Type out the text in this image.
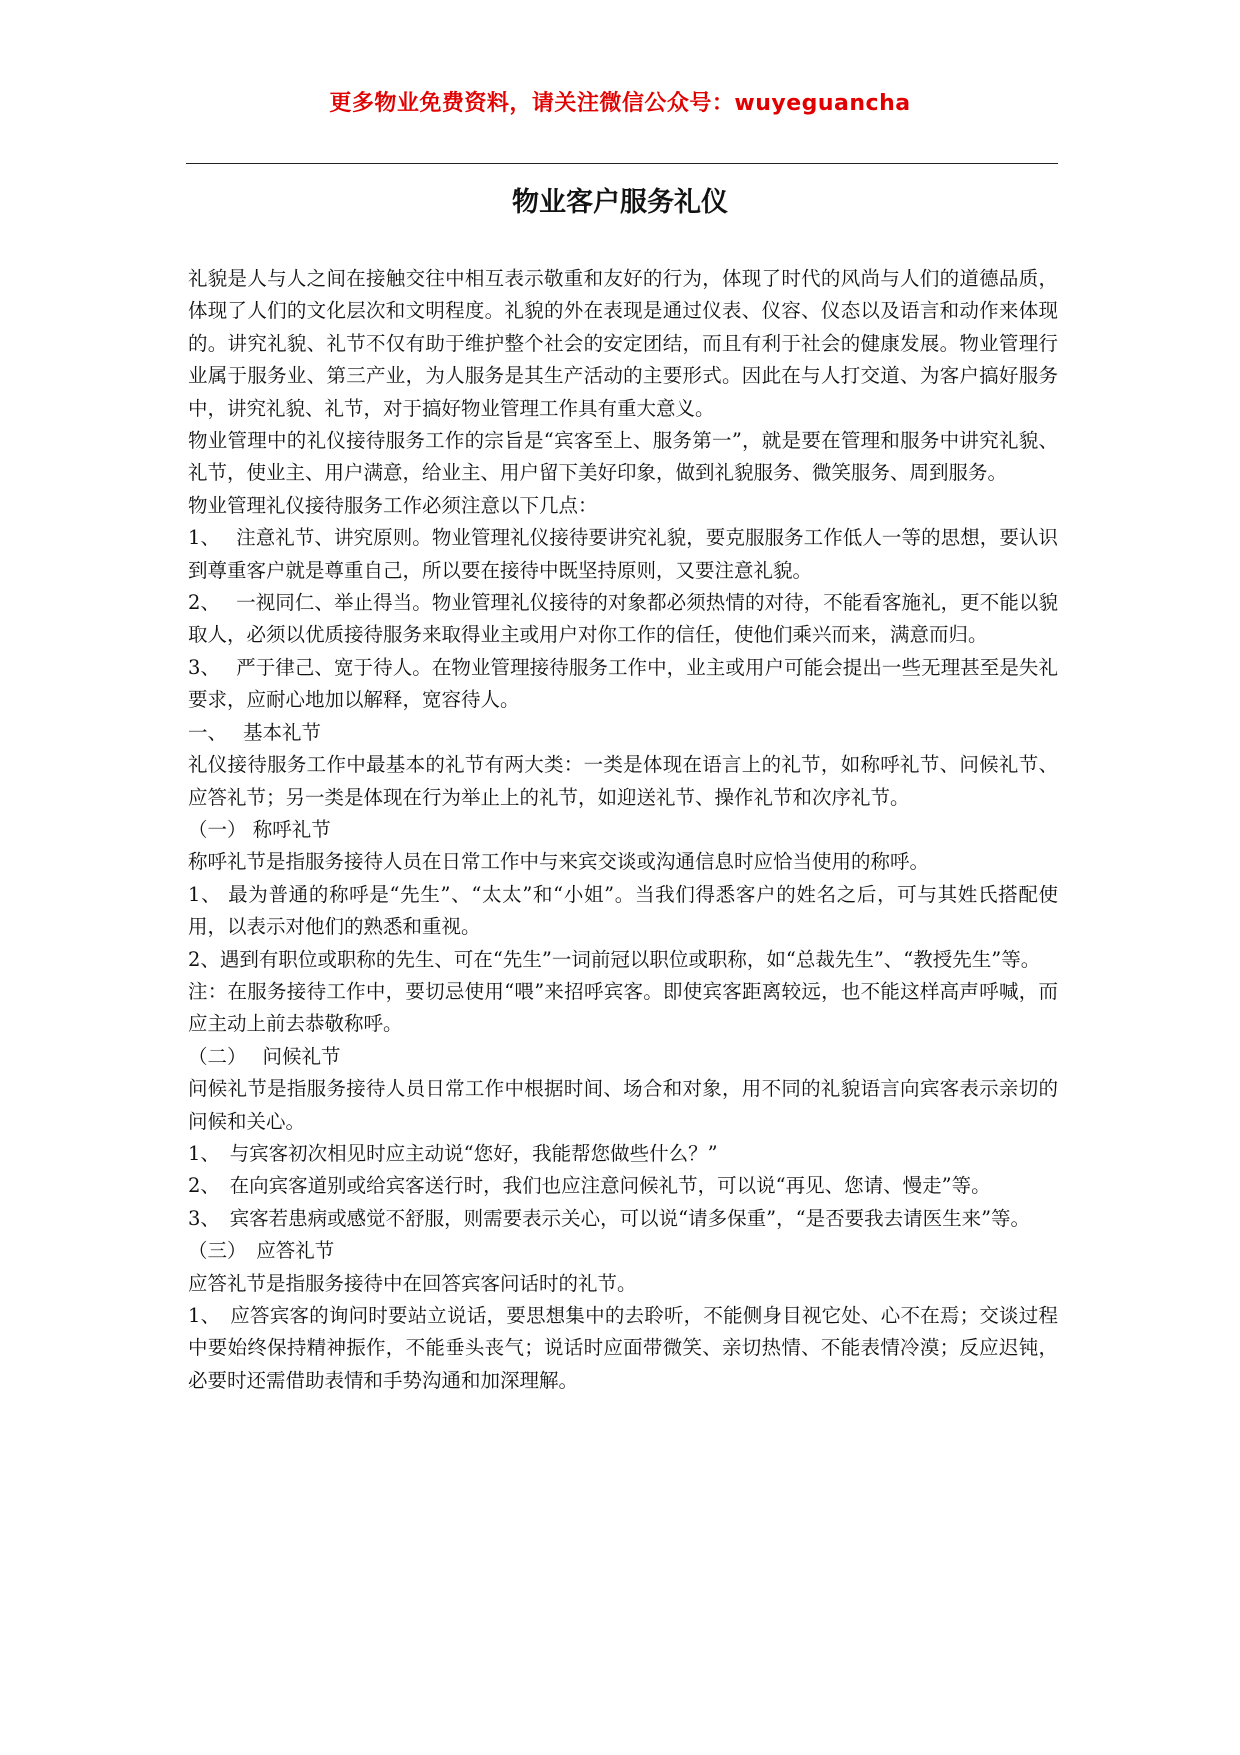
更多物业免费资料，请关注微信公众号：wuyeguancha
物业客户服务礼仪

礼貌是人与人之间在接触交往中相互表示敬重和友好的行为，体现了时代的风尚与人们的道德品质，体现了人们的文化层次和文明程度。礼貌的外在表现是通过仪表、仪容、仪态以及语言和动作来体现的。讲究礼貌、礼节不仅有助于维护整个社会的安定团结，而且有利于社会的健康发展。物业管理行业属于服务业、第三产业，为人服务是其生产活动的主要形式。因此在与人打交道、为客户搞好服务中，讲究礼貌、礼节，对于搞好物业管理工作具有重大意义。

物业管理中的礼仪接待服务工作的宗旨是“宾客至上、服务第一”，就是要在管理和服务中讲究礼貌、礼节，使业主、用户满意，给业主、用户留下美好印象，做到礼貌服务、微笑服务、周到服务。

物业管理礼仪接待服务工作必须注意以下几点：

1、　 注意礼节、讲究原则。物业管理礼仪接待要讲究礼貌，要克服服务工作低人一等的思想，要认识到尊重客户就是尊重自己，所以要在接待中既坚持原则，又要注意礼貌。

2、　 一视同仁、举止得当。物业管理礼仪接待的对象都必须热情的对待，不能看客施礼，更不能以貌取人，必须以优质接待服务来取得业主或用户对你工作的信任，使他们乘兴而来，满意而归。

3、　 严于律己、宽于待人。在物业管理接待服务工作中，业主或用户可能会提出一些无理甚至是失礼要求，应耐心地加以解释，宽容待人。

一、　 基本礼节

礼仪接待服务工作中最基本的礼节有两大类：一类是体现在语言上的礼节，如称呼礼节、问候礼节、应答礼节；另一类是体现在行为举止上的礼节，如迎送礼节、操作礼节和次序礼节。

（一） 称呼礼节

称呼礼节是指服务接待人员在日常工作中与来宾交谈或沟通信息时应恰当使用的称呼。

1、 最为普通的称呼是“先生”、“太太”和“小姐”。当我们得悉客户的姓名之后，可与其姓氏搭配使用，以表示对他们的熟悉和重视。

2、遇到有职位或职称的先生、可在“先生”一词前冠以职位或职称，如“总裁先生”、“教授先生”等。

注：在服务接待工作中，要切忌使用“喂”来招呼宾客。即使宾客距离较远，也不能这样高声呼喊，而应主动上前去恭敬称呼。

（二）　 问候礼节

问候礼节是指服务接待人员日常工作中根据时间、场合和对象，用不同的礼貌语言向宾客表示亲切的问候和关心。

1、　与宾客初次相见时应主动说“您好，我能帮您做些什么？”

2、　在向宾客道别或给宾客送行时，我们也应注意问候礼节，可以说“再见、您请、慢走”等。

3、　宾客若患病或感觉不舒服，则需要表示关心，可以说“请多保重”，“是否要我去请医生来”等。

（三）　应答礼节

应答礼节是指服务接待中在回答宾客问话时的礼节。

1、　应答宾客的询问时要站立说话，要思想集中的去聆听，不能侧身目视它处、心不在焉；交谈过程中要始终保持精神振作，不能垂头丧气；说话时应面带微笑、亲切热情、不能表情冷漠；反应迟钝，必要时还需借助表情和手势沟通和加深理解。
